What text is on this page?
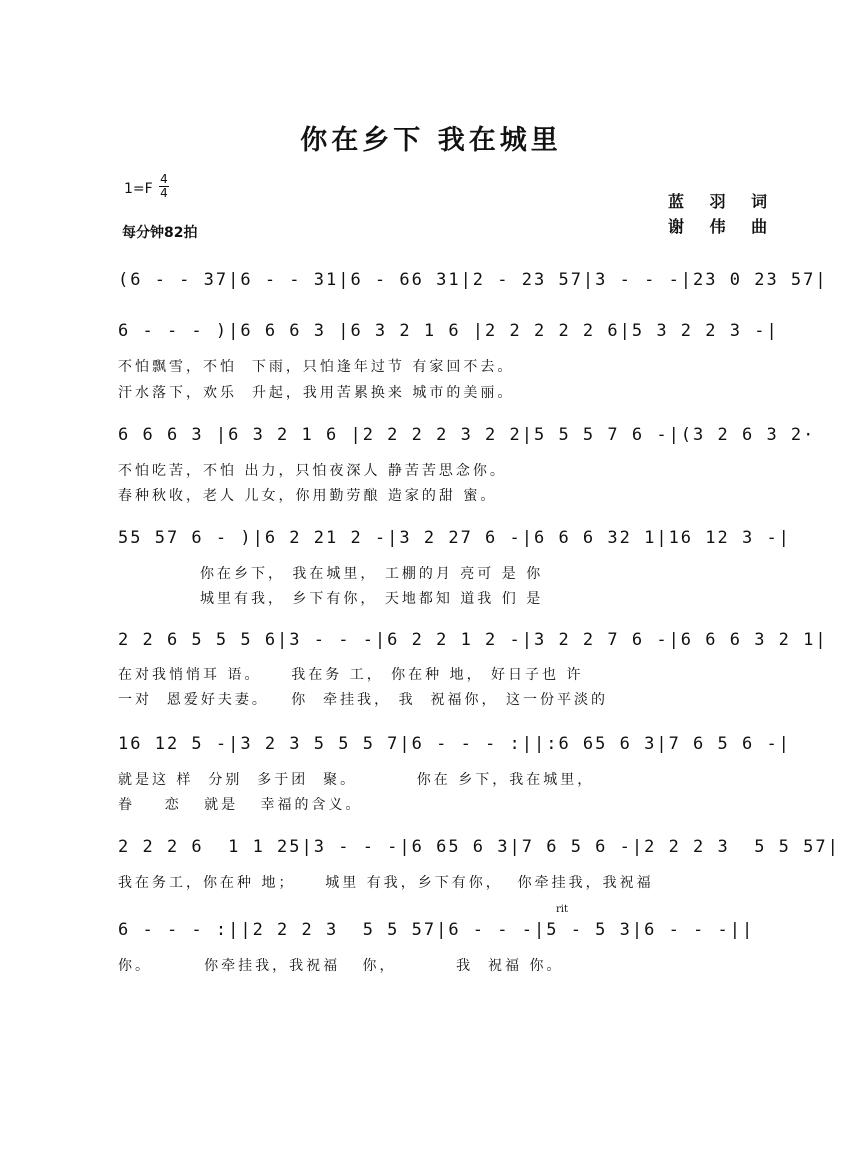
你在乡下 我在城里
1=F
4
4
每分钟82拍
蓝 羽 词
谢 伟 曲
rit
(6 - - 37|6 - - 31|6 - 66 31|2 - 23 57|3 - - -|23 0 23 57|
6 - - - )|6 6 6 3 |6 3 2 1 6 |2 2 2 2 2 6|5 3 2 2 3 -|
不怕飘雪，不怕  下雨，只怕逢年过节 有家回不去。
汗水落下，欢乐  升起，我用苦累换来 城市的美丽。
6 6 6 3 |6 3 2 1 6 |2 2 2 2 3 2 2|5 5 5 7 6 -|(3 2 6 3 2·
不怕吃苦，不怕 出力，只怕夜深人 静苦苦思念你。
春种秋收，老人 儿女，你用勤劳酿 造家的甜 蜜。
55 57 6 - )|6 2 21 2 -|3 2 27 6 -|6 6 6 32 1|16 12 3 -|
你在乡下， 我在城里， 工棚的月 亮可 是 你
城里有我， 乡下有你， 天地都知 道我 们 是
2 2 6 5 5 5 6|3 - - -|6 2 2 1 2 -|3 2 2 7 6 -|6 6 6 3 2 1|
在对我悄悄耳 语。    我在务 工， 你在种 地， 好日子也 许
一对  恩爱好夫妻。   你  牵挂我， 我  祝福你， 这一份平淡的
16 12 5 -|3 2 3 5 5 5 7|6 - - - :||:6 65 6 3|7 6 5 6 -|
就是这 样  分别  多于团  聚。        你在 乡下，我在城里，
眷    恋   就是   幸福的含义。
2 2 2 6  1 1 25|3 - - -|6 65 6 3|7 6 5 6 -|2 2 2 3  5 5 57|
我在务工，你在种 地；    城里 有我，乡下有你，  你牵挂我，我祝福
6 - - - :||2 2 2 3  5 5 57|6 - - -|5 - 5 3|6 - - -||
你。       你牵挂我，我祝福   你，        我  祝福 你。
